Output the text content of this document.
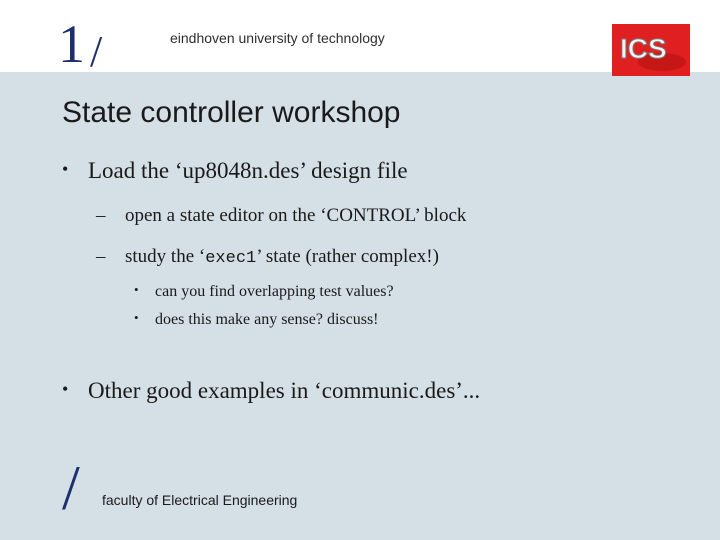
1 /	eindhoven university of technology	ICS
State controller workshop
• Load the ‘up8048n.des’ design file
– open a state editor on the ‘CONTROL’ block
– study the ‘exec1’ state (rather complex!)
• can you find overlapping test values?
• does this make any sense? discuss!
• Other good examples in ‘communic.des’...
/ faculty of Electrical Engineering
